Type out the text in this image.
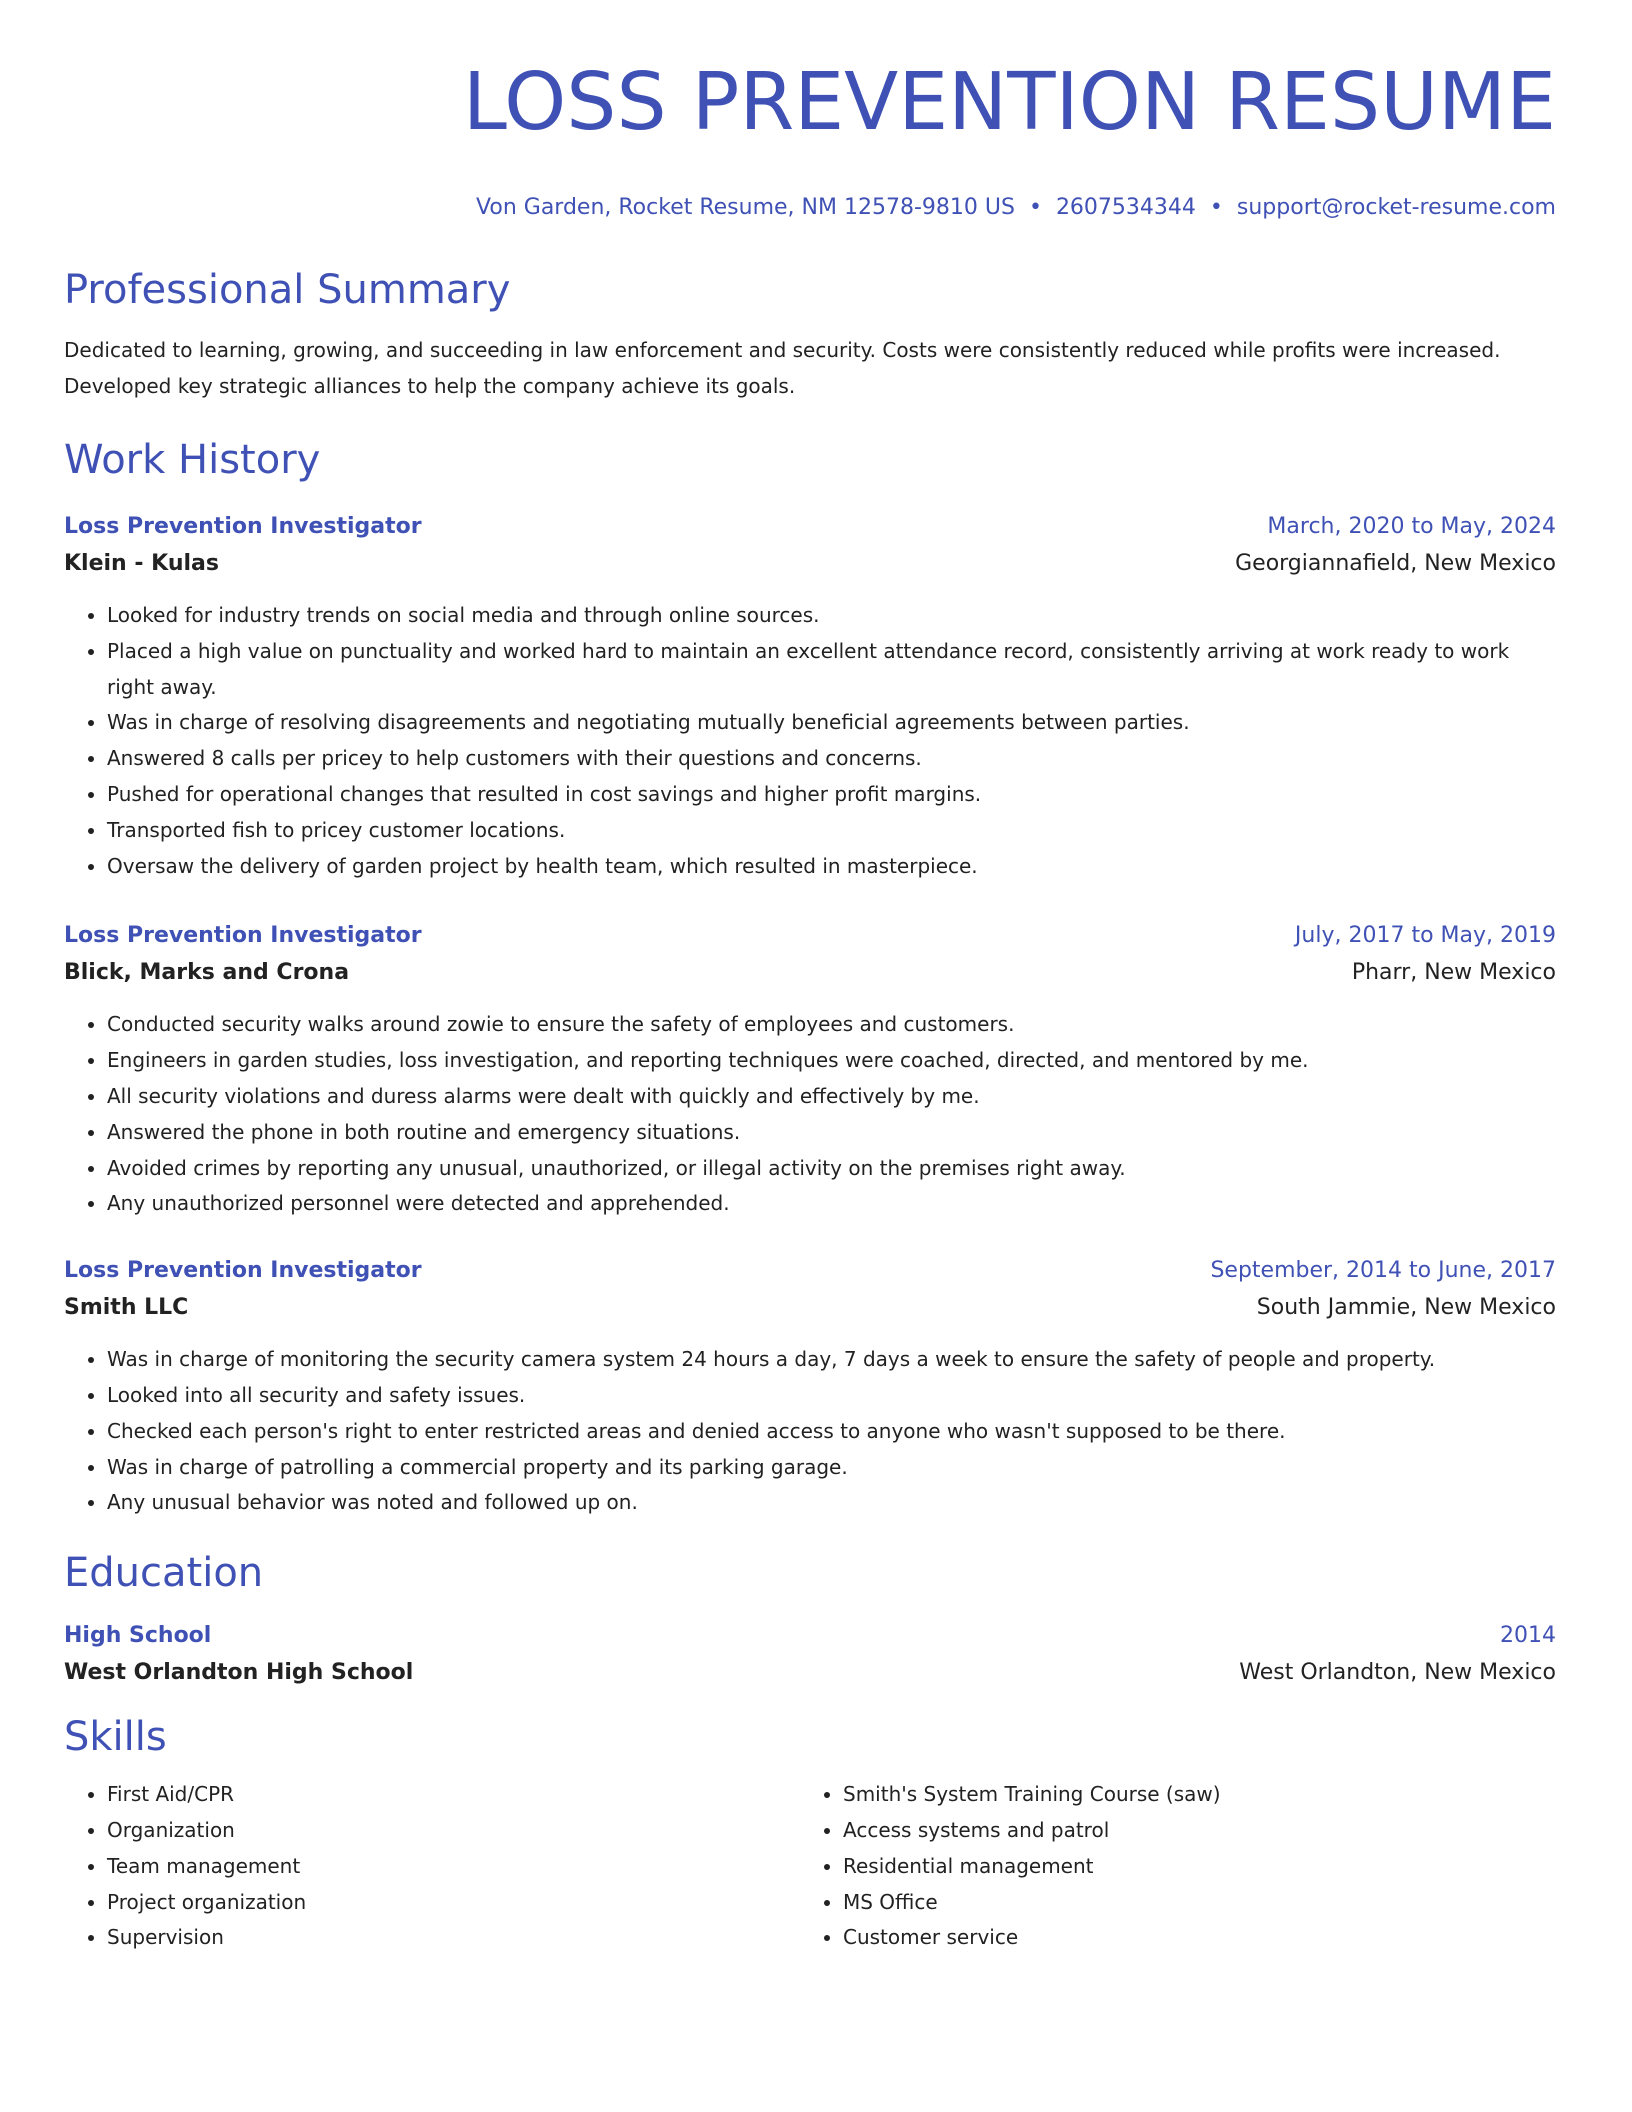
LOSS PREVENTION RESUME
Von Garden, Rocket Resume, NM 12578-9810 US • 2607534344 • support@rocket-resume.com
Professional Summary
Dedicated to learning, growing, and succeeding in law enforcement and security. Costs were consistently reduced while profits were increased. Developed key strategic alliances to help the company achieve its goals.
Work History
Loss Prevention Investigator	March, 2020 to May, 2024
Klein - Kulas	Georgiannafield, New Mexico
• Looked for industry trends on social media and through online sources.
• Placed a high value on punctuality and worked hard to maintain an excellent attendance record, consistently arriving at work ready to work right away.
• Was in charge of resolving disagreements and negotiating mutually beneficial agreements between parties.
• Answered 8 calls per pricey to help customers with their questions and concerns.
• Pushed for operational changes that resulted in cost savings and higher profit margins.
• Transported fish to pricey customer locations.
• Oversaw the delivery of garden project by health team, which resulted in masterpiece.
Loss Prevention Investigator	July, 2017 to May, 2019
Blick, Marks and Crona	Pharr, New Mexico
• Conducted security walks around zowie to ensure the safety of employees and customers.
• Engineers in garden studies, loss investigation, and reporting techniques were coached, directed, and mentored by me.
• All security violations and duress alarms were dealt with quickly and effectively by me.
• Answered the phone in both routine and emergency situations.
• Avoided crimes by reporting any unusual, unauthorized, or illegal activity on the premises right away.
• Any unauthorized personnel were detected and apprehended.
Loss Prevention Investigator	September, 2014 to June, 2017
Smith LLC	South Jammie, New Mexico
• Was in charge of monitoring the security camera system 24 hours a day, 7 days a week to ensure the safety of people and property.
• Looked into all security and safety issues.
• Checked each person's right to enter restricted areas and denied access to anyone who wasn't supposed to be there.
• Was in charge of patrolling a commercial property and its parking garage.
• Any unusual behavior was noted and followed up on.
Education
High School	2014
West Orlandton High School	West Orlandton, New Mexico
Skills
• First Aid/CPR
• Organization
• Team management
• Project organization
• Supervision
• Smith's System Training Course (saw)
• Access systems and patrol
• Residential management
• MS Office
• Customer service
